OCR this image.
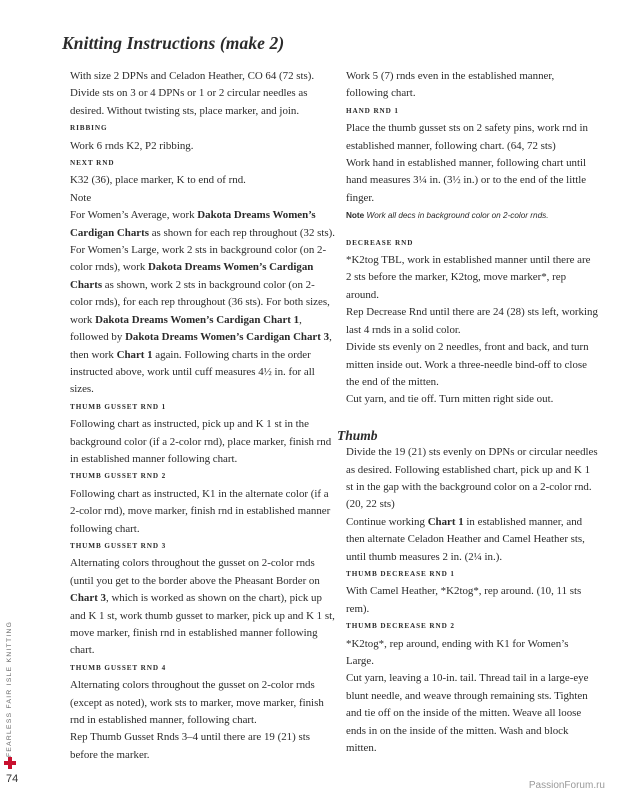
Knitting Instructions (make 2)

With size 2 DPNs and Celadon Heather, CO 64 (72 sts). Divide sts on 3 or 4 DPNs or 1 or 2 circular needles as desired. Without twisting sts, place marker, and join.

RIBBING

Work 6 rnds K2, P2 ribbing.

NEXT RND

K32 (36), place marker, K to end of rnd.

Note

For Women’s Average, work Dakota Dreams Women’s Cardigan Charts as shown for each rep throughout (32 sts). For Women’s Large, work 2 sts in background color (on 2-color rnds), work Dakota Dreams Women’s Cardigan Charts as shown, work 2 sts in background color (on 2-color rnds), for each rep throughout (36 sts). For both sizes, work Dakota Dreams Women’s Cardigan Chart 1, followed by Dakota Dreams Women’s Cardigan Chart 3, then work Chart 1 again. Following charts in the order instructed above, work until cuff measures 4½ in. for all sizes.

THUMB GUSSET RND 1

Following chart as instructed, pick up and K 1 st in the background color (if a 2-color rnd), place marker, finish rnd in established manner following chart.

THUMB GUSSET RND 2

Following chart as instructed, K1 in the alternate color (if a 2-color rnd), move marker, finish rnd in established manner following chart.

THUMB GUSSET RND 3

Alternating colors throughout the gusset on 2-color rnds (until you get to the border above the Pheasant Border on Chart 3, which is worked as shown on the chart), pick up and K 1 st, work thumb gusset to marker, pick up and K 1 st, move marker, finish rnd in established manner following chart.

THUMB GUSSET RND 4

Alternating colors throughout the gusset on 2-color rnds (except as noted), work sts to marker, move marker, finish rnd in established manner, following chart.

Rep Thumb Gusset Rnds 3–4 until there are 19 (21) sts before the marker.

Work 5 (7) rnds even in the established manner, following chart.

HAND RND 1

Place the thumb gusset sts on 2 safety pins, work rnd in established manner, following chart. (64, 72 sts)

Work hand in established manner, following chart until hand measures 3¼ in. (3½ in.) or to the end of the little finger.

Note Work all decs in background color on 2-color rnds.

DECREASE RND

*K2tog TBL, work in established manner until there are 2 sts before the marker, K2tog, move marker*, rep around.

Rep Decrease Rnd until there are 24 (28) sts left, working last 4 rnds in a solid color.

Divide sts evenly on 2 needles, front and back, and turn mitten inside out. Work a three-needle bind-off to close the end of the mitten.

Cut yarn, and tie off. Turn mitten right side out.

Thumb

Divide the 19 (21) sts evenly on DPNs or circular needles as desired. Following established chart, pick up and K 1 st in the gap with the background color on a 2-color rnd. (20, 22 sts)

Continue working Chart 1 in established manner, and then alternate Celadon Heather and Camel Heather sts, until thumb measures 2 in. (2¼ in.).

THUMB DECREASE RND 1

With Camel Heather, *K2tog*, rep around. (10, 11 sts rem).

THUMB DECREASE RND 2

*K2tog*, rep around, ending with K1 for Women’s Large.

Cut yarn, leaving a 10-in. tail. Thread tail in a large-eye blunt needle, and weave through remaining sts. Tighten and tie off on the inside of the mitten. Weave all loose ends in on the inside of the mitten. Wash and block mitten.

FEARLESS FAIR ISLE KNITTING
74
PassionForum.ru
